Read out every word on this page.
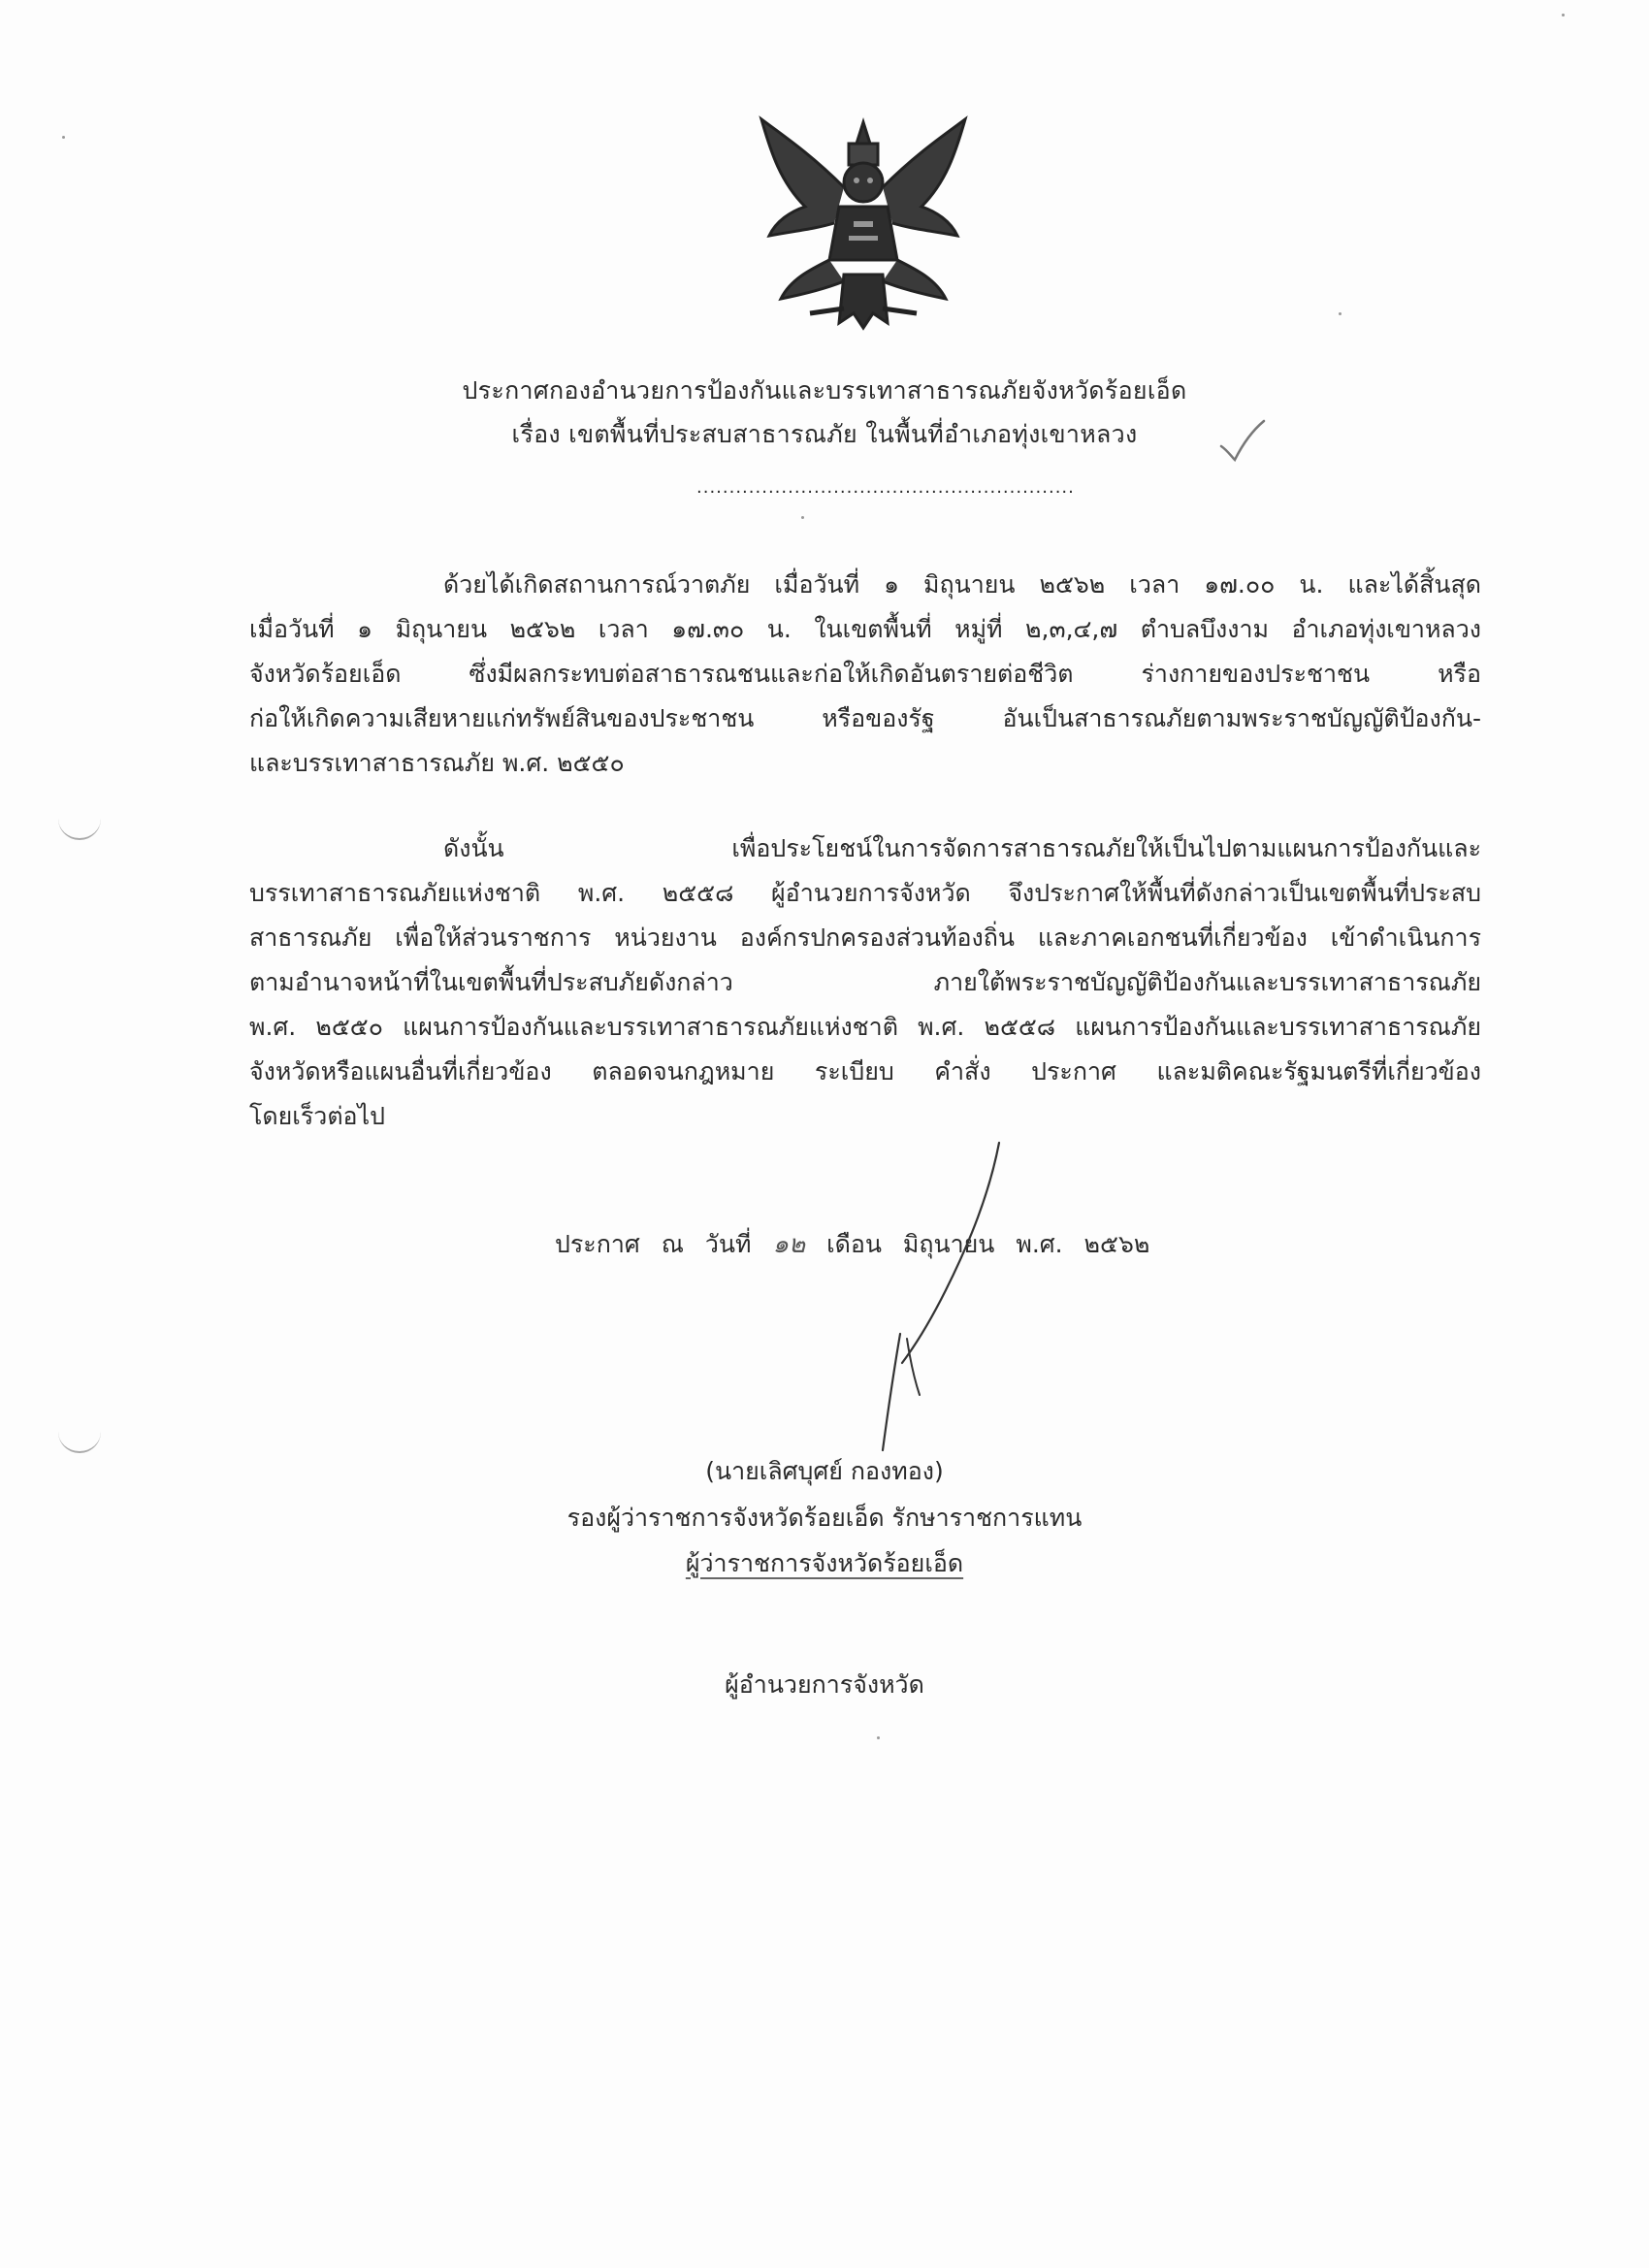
ประกาศกองอำนวยการป้องกันและบรรเทาสาธารณภัยจังหวัดร้อยเอ็ด
เรื่อง เขตพื้นที่ประสบสาธารณภัย ในพื้นที่อำเภอทุ่งเขาหลวง
..........................................................
ด้วยได้เกิดสถานการณ์วาตภัย เมื่อวันที่ ๑ มิถุนายน ๒๕๖๒ เวลา ๑๗.๐๐ น. และได้สิ้นสุด
เมื่อวันที่ ๑ มิถุนายน ๒๕๖๒ เวลา ๑๗.๓๐ น. ในเขตพื้นที่ หมู่ที่ ๒,๓,๔,๗ ตำบลบึงงาม อำเภอทุ่งเขาหลวง
จังหวัดร้อยเอ็ด ซึ่งมีผลกระทบต่อสาธารณชนและก่อให้เกิดอันตรายต่อชีวิต ร่างกายของประชาชน หรือ
ก่อให้เกิดความเสียหายแก่ทรัพย์สินของประชาชน หรือของรัฐ อันเป็นสาธารณภัยตามพระราชบัญญัติป้องกัน-
และบรรเทาสาธารณภัย พ.ศ. ๒๕๕๐
ดังนั้น เพื่อประโยชน์ในการจัดการสาธารณภัยให้เป็นไปตามแผนการป้องกันและ
บรรเทาสาธารณภัยแห่งชาติ พ.ศ. ๒๕๕๘ ผู้อำนวยการจังหวัด จึงประกาศให้พื้นที่ดังกล่าวเป็นเขตพื้นที่ประสบ
สาธารณภัย เพื่อให้ส่วนราชการ หน่วยงาน องค์กรปกครองส่วนท้องถิ่น และภาคเอกชนที่เกี่ยวข้อง เข้าดำเนินการ
ตามอำนาจหน้าที่ในเขตพื้นที่ประสบภัยดังกล่าว ภายใต้พระราชบัญญัติป้องกันและบรรเทาสาธารณภัย
พ.ศ. ๒๕๕๐ แผนการป้องกันและบรรเทาสาธารณภัยแห่งชาติ พ.ศ. ๒๕๕๘ แผนการป้องกันและบรรเทาสาธารณภัย
จังหวัดหรือแผนอื่นที่เกี่ยวข้อง ตลอดจนกฎหมาย ระเบียบ คำสั่ง ประกาศ และมติคณะรัฐมนตรีที่เกี่ยวข้อง
โดยเร็วต่อไป
ประกาศ ณ วันที่ ๑๒ เดือน มิถุนายน พ.ศ. ๒๕๖๒
(นายเลิศบุศย์ กองทอง)
รองผู้ว่าราชการจังหวัดร้อยเอ็ด รักษาราชการแทน
ผู้ว่าราชการจังหวัดร้อยเอ็ด
ผู้อำนวยการจังหวัด
